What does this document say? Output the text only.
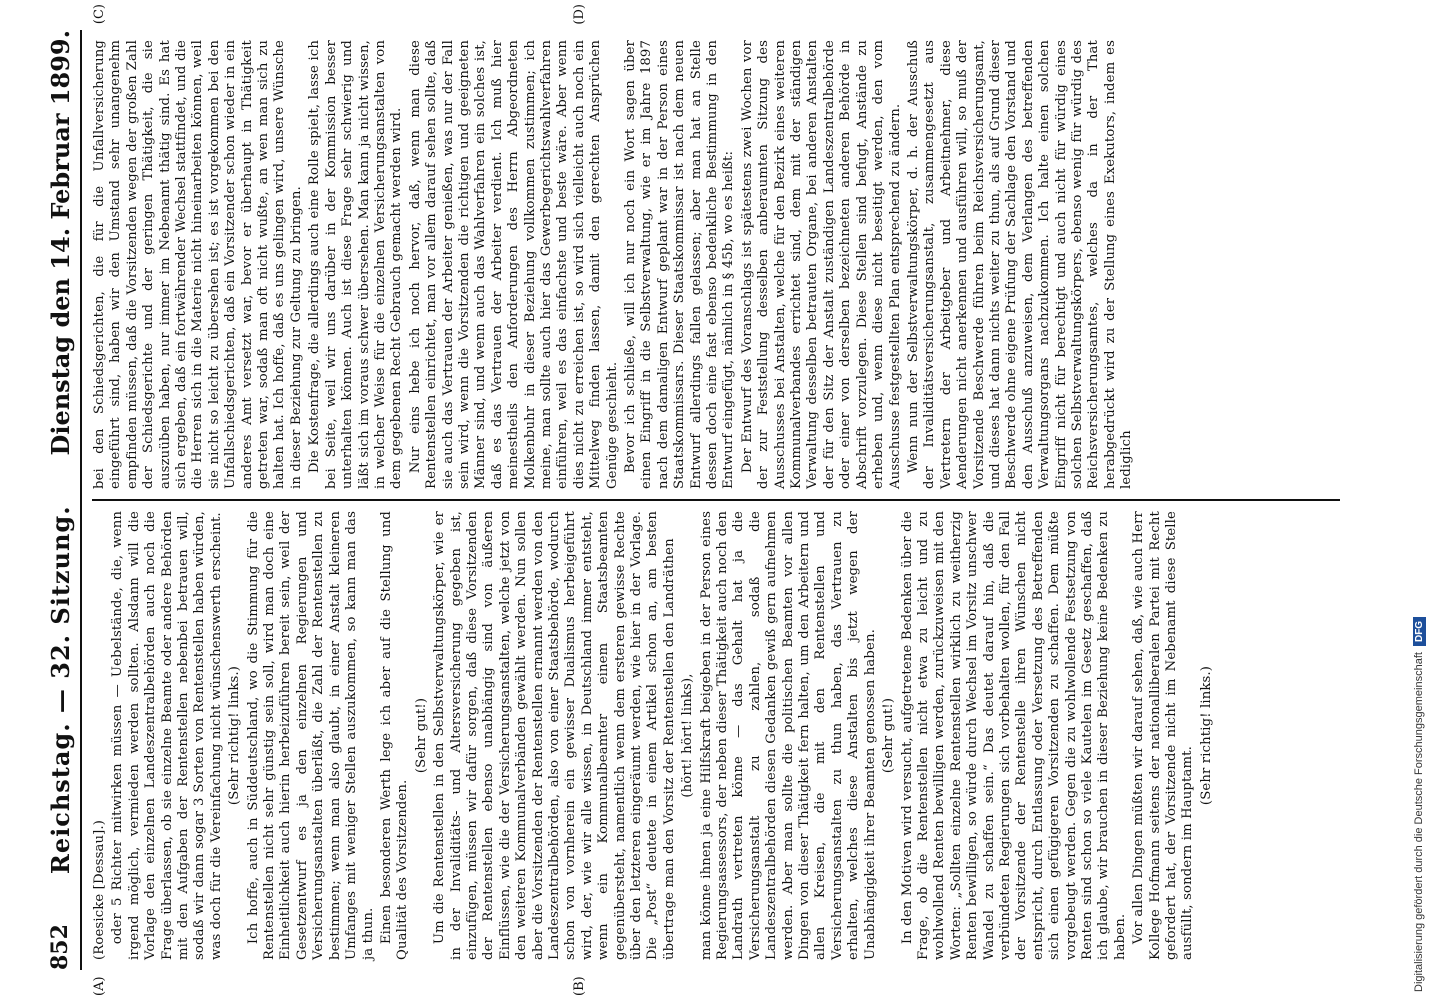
852
Reichstag. — 32. Sitzung.
Dienstag den 14. Februar 1899.
(A)	(B)

(Roesicke [Dessau].) oder 5 Richter mitwirken müssen — Uebelstände, die, wenn irgend möglich, vermieden werden sollten. Alsdann will die Vorlage den einzelnen Landeszentralbehörden auch noch die Frage überlassen, ob sie einzelne Beamte oder andere Behörden mit den Aufgaben der Rentenstellen nebenbei betrauen will, sodaß wir dann sogar 3 Sorten von Rentenstellen haben würden, was doch für die Vereinfachung nicht wünschenswerth erscheint. (Sehr richtig! links.) Ich hoffe, auch in Süddeutschland, wo die Stimmung für die Rentenstellen nicht sehr günstig sein soll, wird man doch eine Einheitlichkeit auch hierin herbeizuführen bereit sein, weil der Gesetzentwurf es ja den einzelnen Regierungen und Versicherungsanstalten überläßt, die Zahl der Rentenstellen zu bestimmen; wenn man also glaubt, in einer Anstalt kleineren Umfanges mit weniger Stellen auszukommen, so kann man das ja thun. Einen besonderen Werth lege ich aber auf die Stellung und Qualität des Vorsitzenden.

(Sehr gut!) Um die Rentenstellen in den Selbstverwaltungskörper, wie er in der Invaliditäts- und Altersversicherung gegeben ist, einzufügen, müssen wir dafür sorgen, daß diese Vorsitzenden der Rentenstellen ebenso unabhängig sind von äußeren Einflüssen, wie die der Versicherungsanstalten, welche jetzt von den weiteren Kommunalverbänden gewählt werden. Nun sollen aber die Vorsitzenden der Rentenstellen ernannt werden von den Landeszentralbehörden, also von einer Staatsbehörde, wodurch schon von vornherein ein gewisser Dualismus herbeigeführt wird, der, wie wir alle wissen, in Deutschland immer entsteht, wenn ein Kommunalbeamter einem Staatsbeamten gegenübersteht, namentlich wenn dem ersteren gewisse Rechte über den letzteren eingeräumt werden, wie hier in der Vorlage. Die „Post“ deutete in einem Artikel schon an, am besten übertrage man den Vorsitz der Rentenstellen den Landräthen (hört! hört! links), man könne ihnen ja eine Hilfskraft beigeben in der Person eines Regierungsassessors, der neben dieser Thätigkeit auch noch den Landrath vertreten könne — das Gehalt hat ja die Versicherungsanstalt zu zahlen, sodaß die Landeszentralbehörden diesen Gedanken gewiß gern aufnehmen werden. Aber man sollte die politischen Beamten vor allen Dingen von dieser Thätigkeit fern halten, um den Arbeitern und allen Kreisen, die mit den Rentenstellen und Versicherungsanstalten zu thun haben, das Vertrauen zu erhalten, welches diese Anstalten bis jetzt wegen der Unabhängigkeit ihrer Beamten genossen haben. (Sehr gut!) In den Motiven wird versucht, aufgetretene Bedenken über die Frage, ob die Rentenstellen nicht etwa zu leicht und zu wohlwollend Renten bewilligen werden, zurückzuweisen mit den Worten: „Sollten einzelne Rentenstellen wirklich zu weitherzig Renten bewilligen, so würde durch Wechsel im Vorsitz unschwer Wandel zu schaffen sein.“ Das deutet darauf hin, daß die verbündeten Regierungen sich vorbehalten wollen, für den Fall der Vorsitzende der Rentenstelle ihren Wünschen nicht entspricht, durch Entlassung oder Versetzung des Betreffenden sich einen gefügigeren Vorsitzenden zu schaffen. Dem müßte vorgebeugt werden. Gegen die zu wohlwollende Festsetzung von Renten sind schon so viele Kautelen im Gesetz geschaffen, daß ich glaube, wir brauchen in dieser Beziehung keine Bedenken zu haben. Vor allen Dingen müßten wir darauf sehen, daß, wie auch Herr Kollege Hofmann seitens der nationalliberalen Partei mit Recht gefordert hat, der Vorsitzende nicht im Nebenamt diese Stelle ausfüllt, sondern im Hauptamt.

(Sehr richtig! links.)

(C)	(D)

bei den Schiedsgerichten, die für die Unfallversicherung eingeführt sind, haben wir den Umstand sehr unangenehm empfinden müssen, daß die Vorsitzenden wegen der großen Zahl der Schiedsgerichte und der geringen Thätigkeit, die sie auszuüben haben, nur immer im Nebenamt thätig sind. Es hat sich ergeben, daß ein fortwährender Wechsel stattfindet, und die die Herren sich in die Materie nicht hineinarbeiten können, weil sie nicht so leicht zu übersehen ist; es ist vorgekommen bei den Unfallschiedsgerichten, daß ein Vorsitzender schon wieder in ein anderes Amt versetzt war, bevor er überhaupt in Thätigkeit getreten war, sodaß man oft nicht wußte, an wen man sich zu halten hat. Ich hoffe, daß es uns gelingen wird, unsere Wünsche in dieser Beziehung zur Geltung zu bringen. Die Kostenfrage, die allerdings auch eine Rolle spielt, lasse ich bei Seite, weil wir uns darüber in der Kommission besser unterhalten können. Auch ist diese Frage sehr schwierig und läßt sich im voraus schwer übersehen. Man kann ja nicht wissen, in welcher Weise für die einzelnen Versicherungsanstalten von dem gegebenen Recht Gebrauch gemacht werden wird. Nur eins hebe ich noch hervor, daß, wenn man diese Rentenstellen einrichtet, man vor allem darauf sehen sollte, daß sie auch das Vertrauen der Arbeiter genießen, was nur der Fall sein wird, wenn die Vorsitzenden die richtigen und geeigneten Männer sind, und wenn auch das Wahlverfahren ein solches ist, daß es das Vertrauen der Arbeiter verdient. Ich muß hier meinestheils den Anforderungen des Herrn Abgeordneten Molkenbuhr in dieser Beziehung vollkommen zustimmen; ich meine, man sollte auch hier das Gewerbegerichtswahlverfahren einführen, weil es das einfachste und beste wäre. Aber wenn dies nicht zu erreichen ist, so wird sich vielleicht auch noch ein Mittelweg finden lassen, damit den gerechten Ansprüchen Genüge geschieht. Bevor ich schließe, will ich nur noch ein Wort sagen über einen Eingriff in die Selbstverwaltung, wie er im Jahre 1897 nach dem damaligen Entwurf geplant war in der Person eines Staatskommissars. Dieser Staatskommissar ist nach dem neuen Entwurf allerdings fallen gelassen; aber man hat an Stelle dessen doch eine fast ebenso bedenkliche Bestimmung in den Entwurf eingefügt, nämlich in § 45b, wo es heißt: Der Entwurf des Voranschlags ist spätestens zwei Wochen vor der zur Feststellung desselben anberaumten Sitzung des Ausschusses bei Anstalten, welche für den Bezirk eines weiteren Kommunalverbandes errichtet sind, dem mit der ständigen Verwaltung desselben betrauten Organe, bei anderen Anstalten der für den Sitz der Anstalt zuständigen Landeszentralbehörde oder einer von derselben bezeichneten anderen Behörde in Abschrift vorzulegen. Diese Stellen sind befugt, Anstände zu erheben und, wenn diese nicht beseitigt werden, den vom Ausschusse festgestellten Plan entsprechend zu ändern. Wenn nun der Selbstverwaltungskörper, d. h. der Ausschuß der Invaliditätsversicherungsanstalt, zusammengesetzt aus Vertretern der Arbeitgeber und Arbeitnehmer, diese Aenderungen nicht anerkennen und ausführen will, so muß der Vorsitzende Beschwerde führen beim Reichsversicherungsamt, und dieses hat dann nichts weiter zu thun, als auf Grund dieser Beschwerde ohne eigene Prüfung der Sachlage den Vorstand und den Ausschuß anzuweisen, dem Verlangen des betreffenden Verwaltungsorgans nachzukommen. Ich halte einen solchen Eingriff nicht für berechtigt und auch nicht für würdig eines solchen Selbstverwaltungskörpers, ebenso wenig für würdig des Reichsversicherungsamtes, welches da in der That herabgedrückt wird zu der Stellung eines Exekutors, indem es lediglich

Digitalisierung gefördert durch die Deutsche Forschungsgemeinschaft
DFG
